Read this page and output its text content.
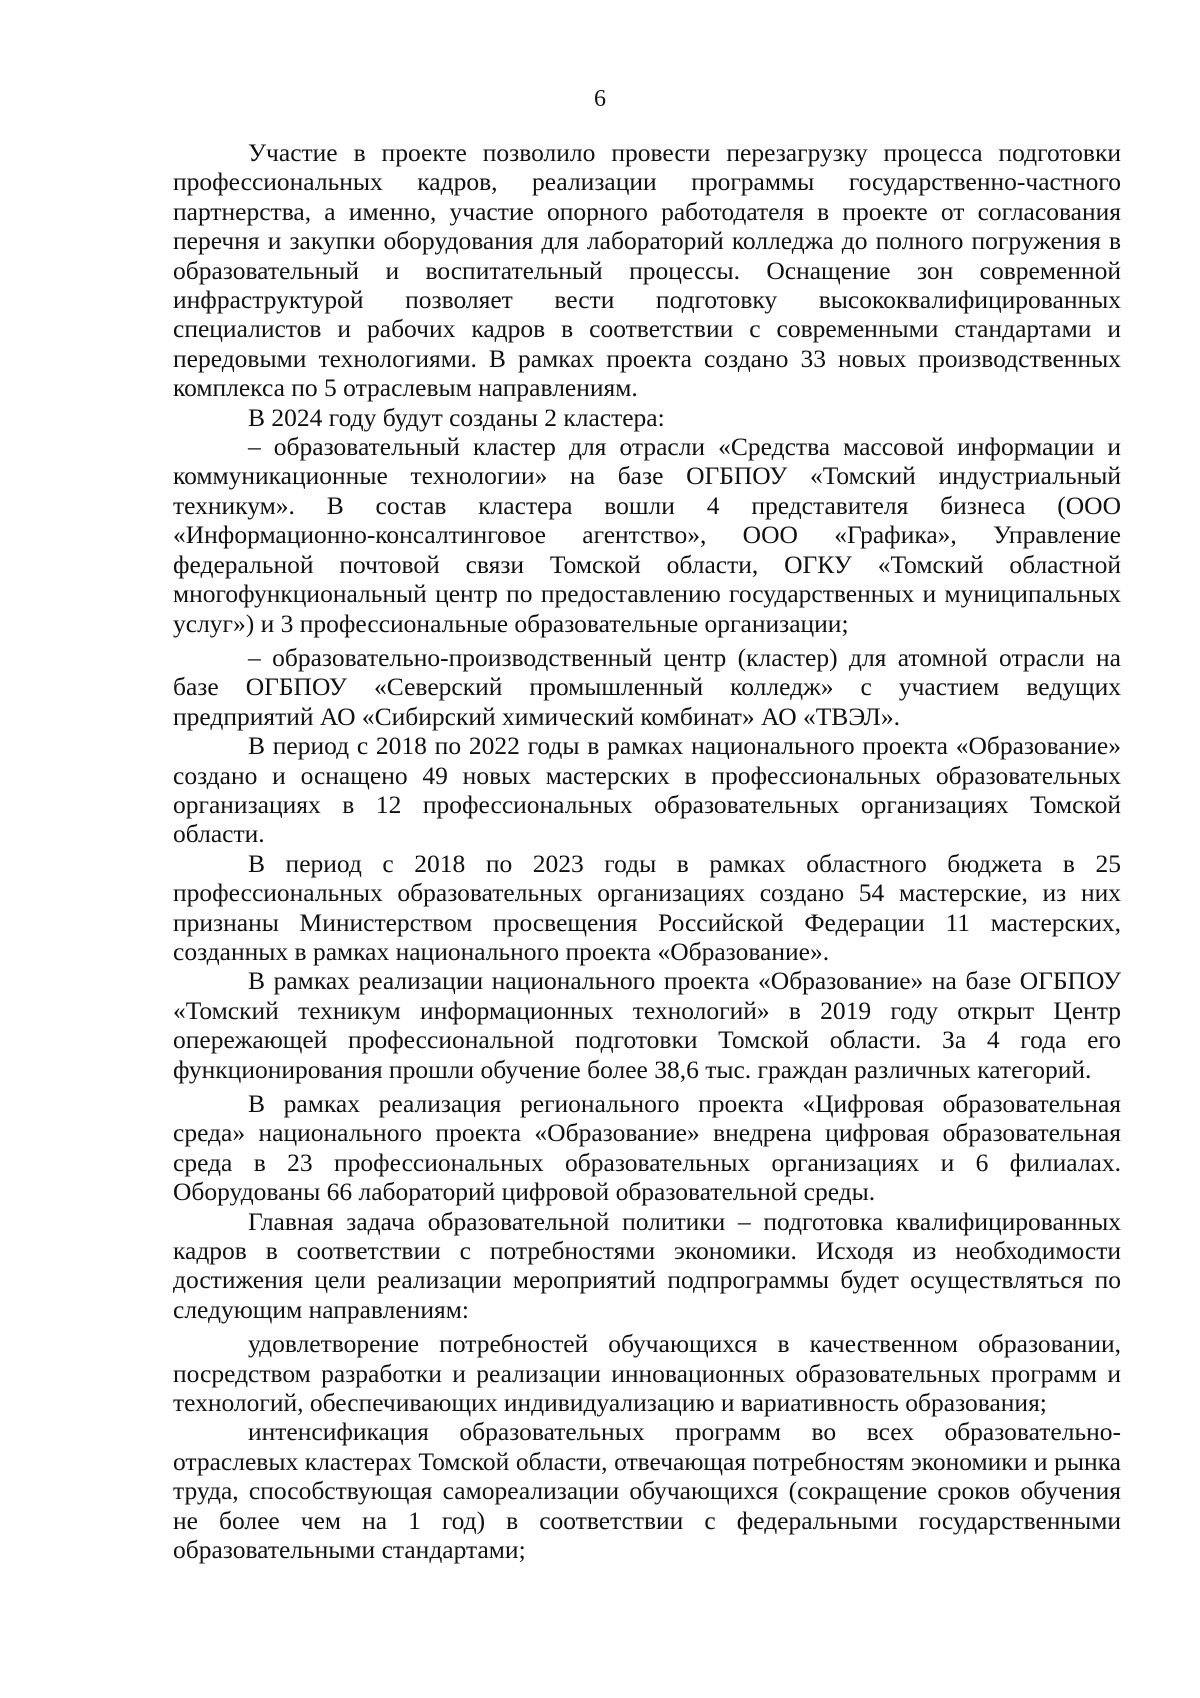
6

Участие в проекте позволило провести перезагрузку процесса подготовки профессиональных кадров, реализации программы государственно-частного партнерства, а именно, участие опорного работодателя в проекте от согласования перечня и закупки оборудования для лабораторий колледжа до полного погружения в образовательный и воспитательный процессы. Оснащение зон современной инфраструктурой позволяет вести подготовку высококвалифицированных специалистов и рабочих кадров в соответствии с современными стандартами и передовыми технологиями. В рамках проекта создано 33 новых производственных комплекса по 5 отраслевым направлениям.

В 2024 году будут созданы 2 кластера:

– образовательный кластер для отрасли «Средства массовой информации и коммуникационные технологии» на базе ОГБПОУ «Томский индустриальный техникум». В состав кластера вошли 4 представителя бизнеса (ООО «Информационно-консалтинговое агентство», ООО «Графика», Управление федеральной почтовой связи Томской области, ОГКУ «Томский областной многофункциональный центр по предоставлению государственных и муниципальных услуг») и 3 профессиональные образовательные организации;

– образовательно-производственный центр (кластер) для атомной отрасли на базе ОГБПОУ «Северский промышленный колледж» с участием ведущих предприятий АО «Сибирский химический комбинат» АО «ТВЭЛ».

В период с 2018 по 2022 годы в рамках национального проекта «Образование» создано и оснащено 49 новых мастерских в профессиональных образовательных организациях в 12 профессиональных образовательных организациях Томской области.

В период с 2018 по 2023 годы в рамках областного бюджета в 25 профессиональных образовательных организациях создано 54 мастерские, из них признаны Министерством просвещения Российской Федерации 11 мастерских, созданных в рамках национального проекта «Образование».

В рамках реализации национального проекта «Образование» на базе ОГБПОУ «Томский техникум информационных технологий» в 2019 году открыт Центр опережающей профессиональной подготовки Томской области. За 4 года его функционирования прошли обучение более 38,6 тыс. граждан различных категорий.

В рамках реализация регионального проекта «Цифровая образовательная среда» национального проекта «Образование» внедрена цифровая образовательная среда в 23 профессиональных образовательных организациях и 6 филиалах. Оборудованы 66 лабораторий цифровой образовательной среды.

Главная задача образовательной политики – подготовка квалифицированных кадров в соответствии с потребностями экономики. Исходя из необходимости достижения цели реализации мероприятий подпрограммы будет осуществляться по следующим направлениям:

удовлетворение потребностей обучающихся в качественном образовании, посредством разработки и реализации инновационных образовательных программ и технологий, обеспечивающих индивидуализацию и вариативность образования;

интенсификация образовательных программ во всех образовательно-отраслевых кластерах Томской области, отвечающая потребностям экономики и рынка труда, способствующая самореализации обучающихся (сокращение сроков обучения не более чем на 1 год) в соответствии с федеральными государственными образовательными стандартами;
